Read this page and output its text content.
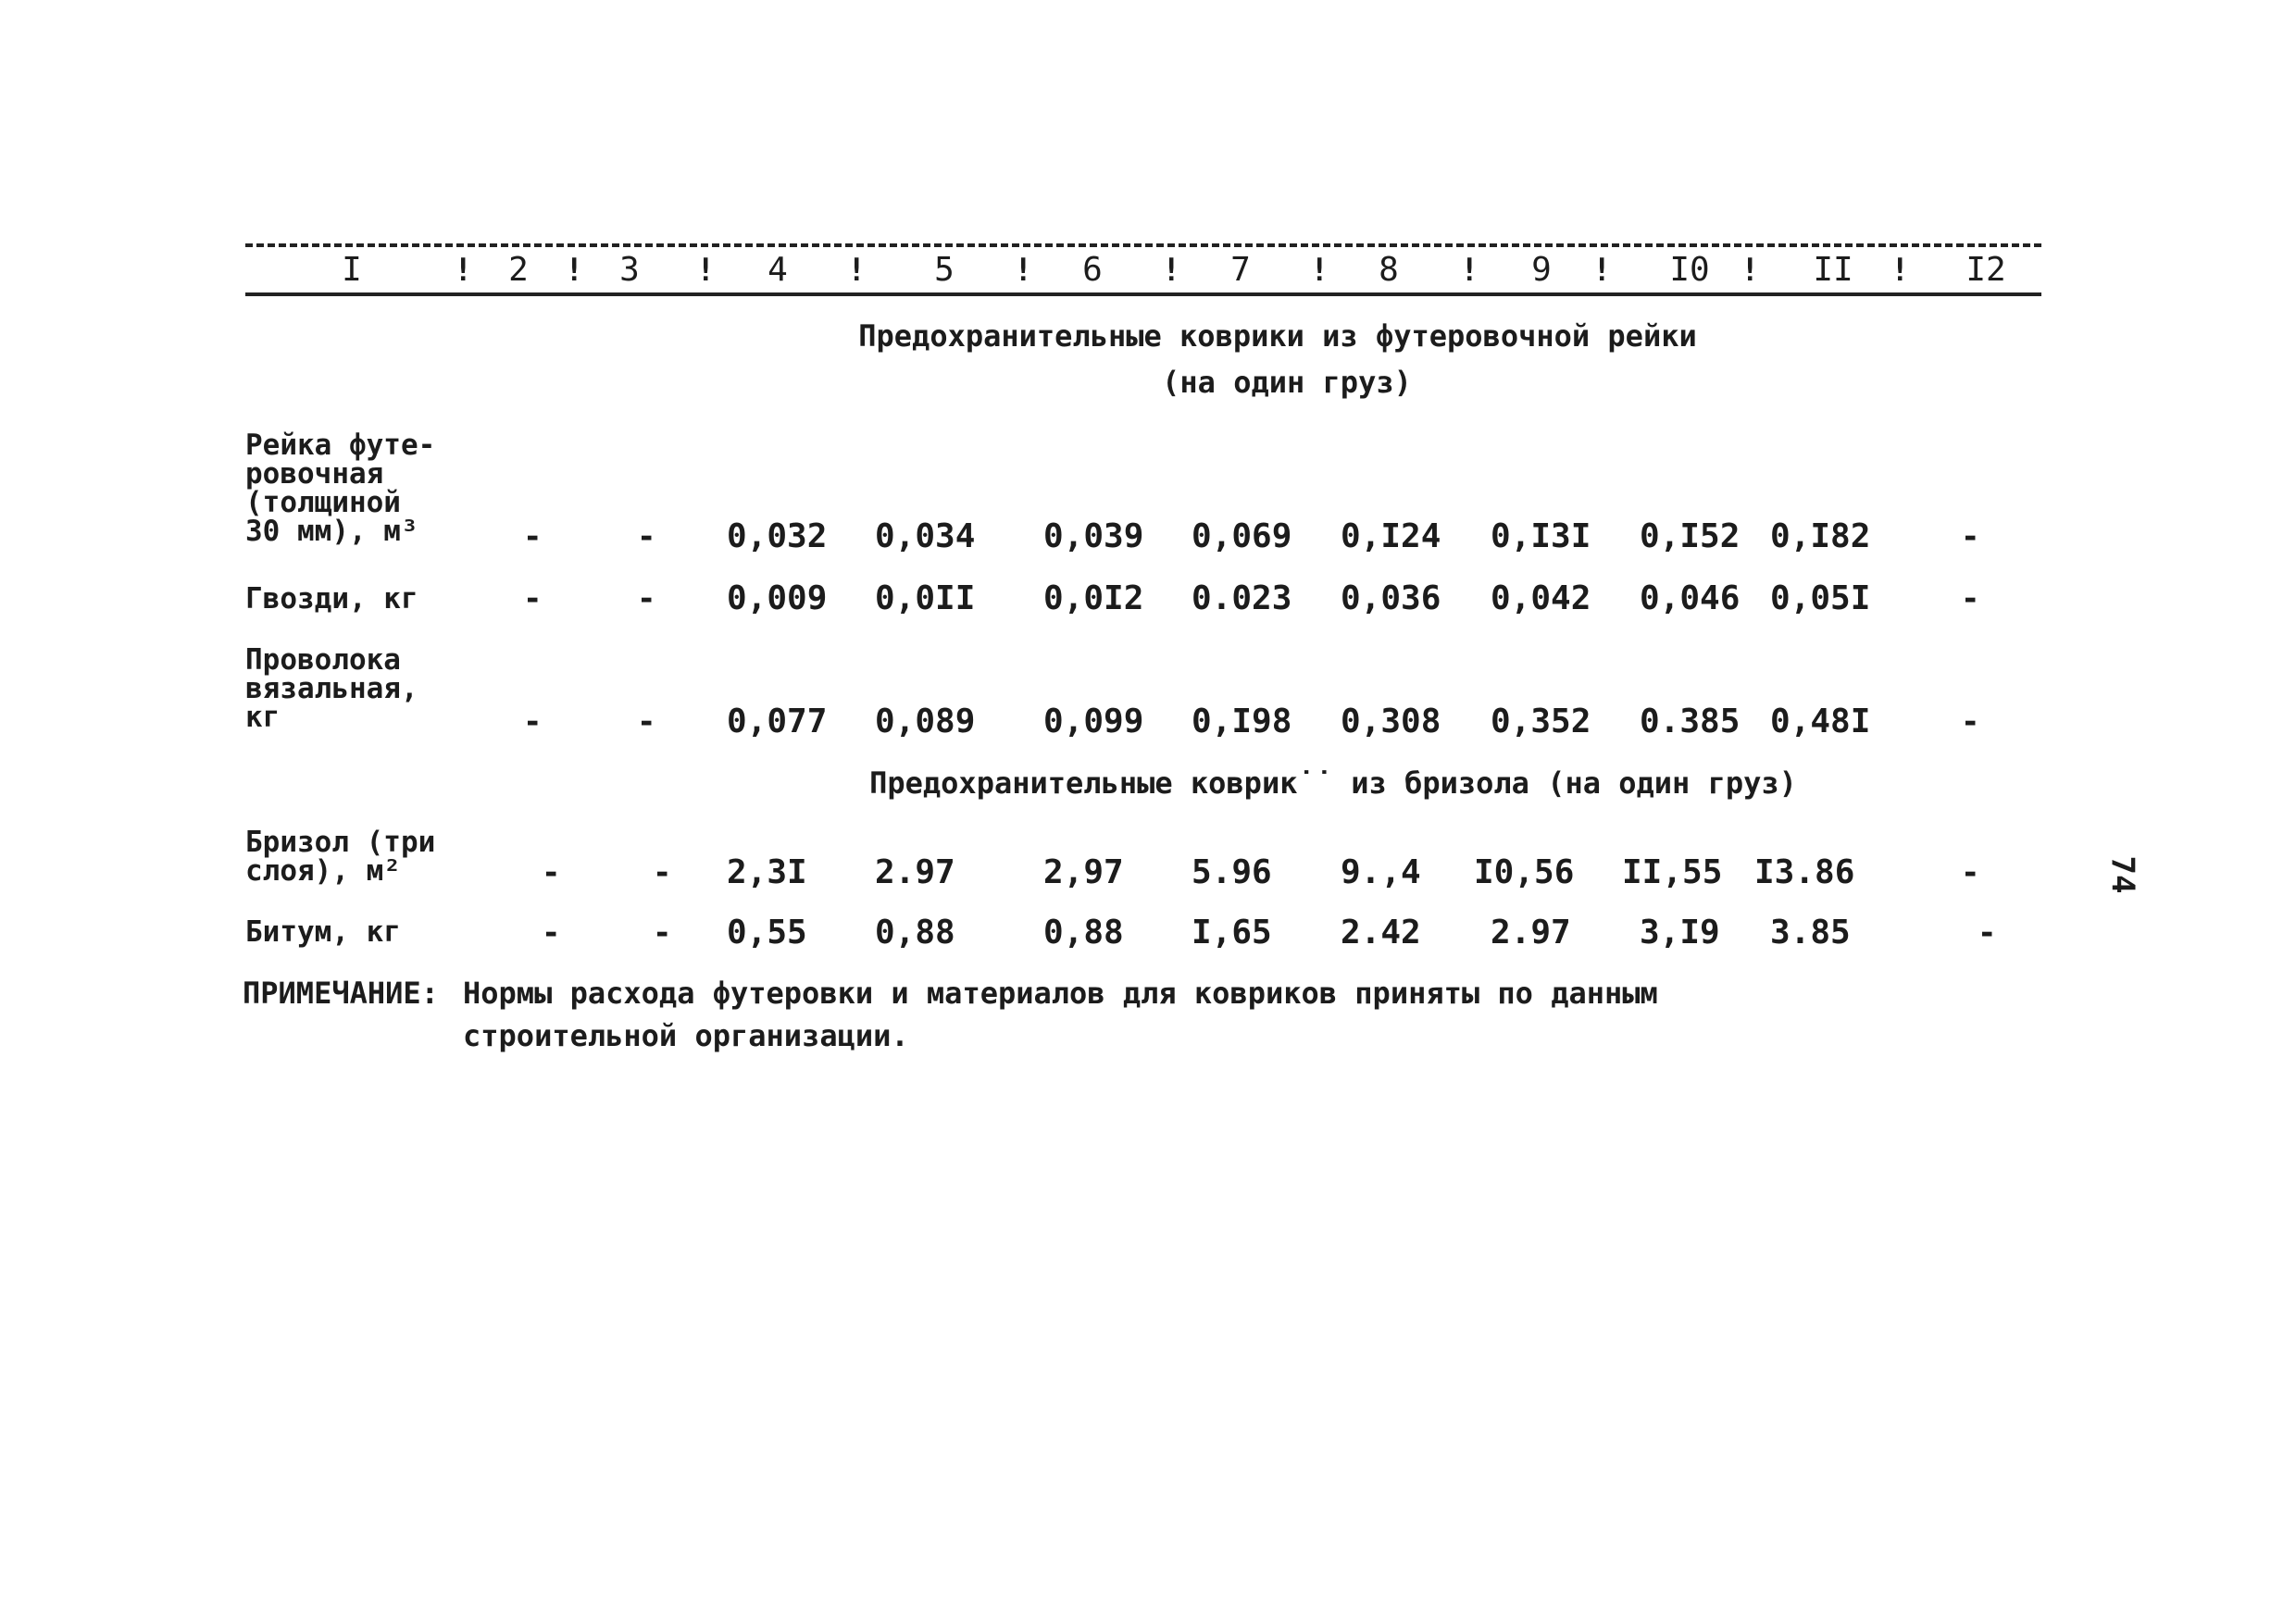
I	! 2 ! 3 !	4	!	5	!	6	!	7	!	8	!	9	! I0 ! II ! I2
Предохранительные коврики из футеровочной рейки
(на один груз)
Рейка футе-
ровочная
(толщиной
30 мм), м³	-	- 0,032 0,034 0,039 0,069 0,I24 0,I3I 0,I52 0,I82	-
Гвозди, кг	-	- 0,009 0,0II 0,0I2 0.023 0,036 0,042 0,046 0,05I	-
Проволока
вязальная,
кг	-	- 0,077 0,089 0,099 0,I98 0,308 0,352 0.385 0,48I	-
Предохранительные коврик˙˙ из бризола (на один груз)
Бризол (три
слоя), м²	-	- 2,3I 2.97	2,97 5.96 9.‚4 I0,56 II,55 I3.86	-
Битум, кг	-	- 0,55 0,88	0,88 I,65 2.42 2.97 3,I9 3.85	-
ПРИМЕЧАНИЕ: Нормы расхода футеровки и материалов для ковриков приняты по данным
строительной организации.
74
